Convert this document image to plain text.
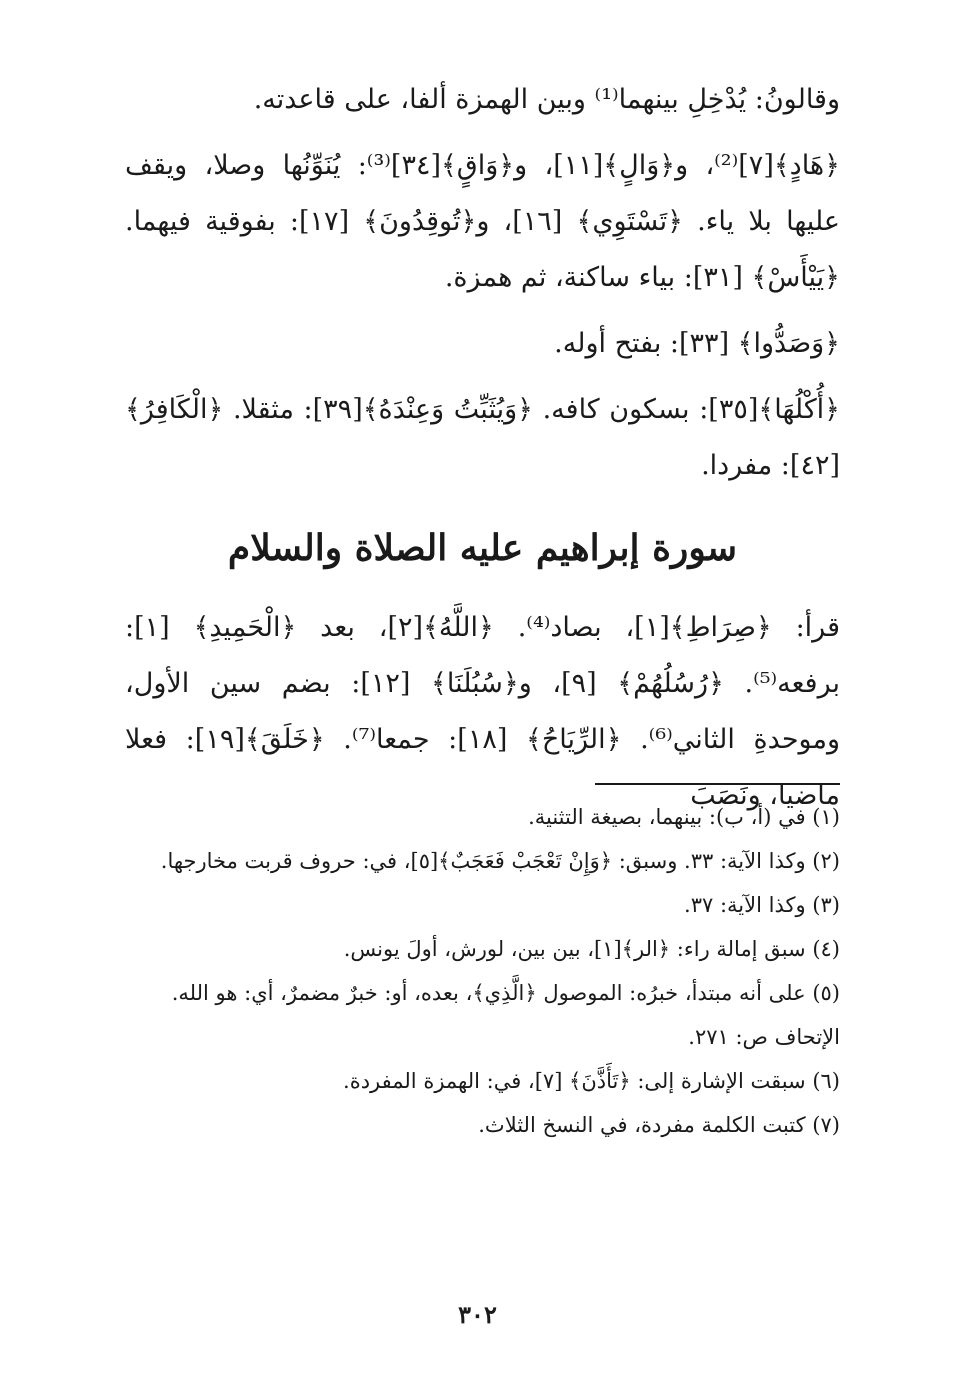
وقالونُ: يُدْخِلِ بينهما⁽¹⁾ وبين الهمزة ألفا، على قاعدته.

﴿هَادٍ﴾[٧]⁽²⁾، و﴿وَالٍ﴾[١١]، و﴿وَاقٍ﴾[٣٤]⁽³⁾: يُنَوِّنُها وصلا، ويقف عليها بلا ياء. ﴿تَسْتَوِي﴾ [١٦]، و﴿تُوقِدُونَ﴾ [١٧]: بفوقية فيهما. ﴿يَيْأَسْ﴾ [٣١]: بياء ساكنة، ثم همزة.

﴿وَصَدُّوا﴾ [٣٣]: بفتح أوله.

﴿أُكْلُهَا﴾[٣٥]: بسكون كافه. ﴿وَيُثَبِّتُ وَعِنْدَهُ﴾[٣٩]: مثقلا. ﴿الْكَافِرُ﴾ [٤٢]: مفردا.

سورة إبراهيم عليه الصلاة والسلام

قرأ: ﴿صِرَاطِ﴾[١]، بصاد⁽⁴⁾. ﴿اللَّهُ﴾[٢]، بعد ﴿الْحَمِيدِ﴾ [١]: برفعه⁽⁵⁾. ﴿رُسُلُهُمْ﴾ [٩]، و﴿سُبُلَنَا﴾ [١٢]: بضم سين الأول، وموحدةِ الثاني⁽⁶⁾. ﴿الرِّيَاحُ﴾ [١٨]: جمعا⁽⁷⁾. ﴿خَلَقَ﴾[١٩]: فعلا ماضيا، ونَصَبَ

(١) في (أ، ب): بينهما، بصيغة التثنية.

(٢) وكذا الآية: ٣٣. وسبق: ﴿وَإِنْ تَعْجَبْ فَعَجَبٌ﴾[٥]، في: حروف قربت مخارجها.

(٣) وكذا الآية: ٣٧.

(٤) سبق إمالة راء: ﴿الر﴾[١]، بين بين، لورش، أولَ يونس.

(٥) على أنه مبتدأ، خبرُه: الموصول ﴿الَّذِي﴾، بعده، أو: خبرٌ مضمرٌ، أي: هو الله.

الإتحاف ص: ٢٧١.

(٦) سبقت الإشارة إلى: ﴿تَأَذَّنَ﴾ [٧]، في: الهمزة المفردة.

(٧) كتبت الكلمة مفردة، في النسخ الثلاث.

٣٠٢
